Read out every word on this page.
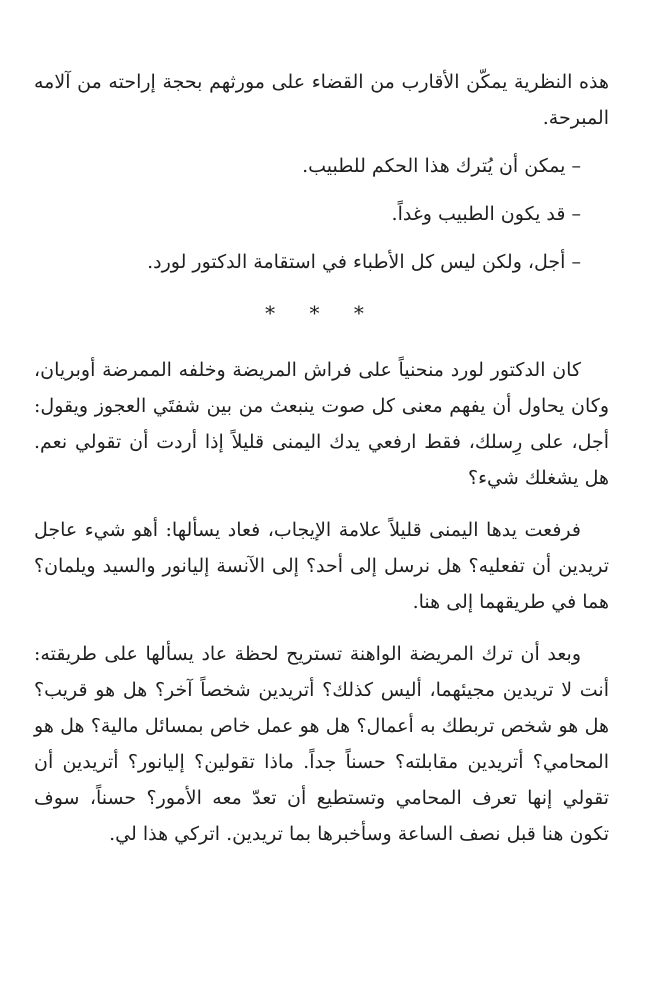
هذه النظرية يمكّن الأقارب من القضاء على مورثهم بحجة إراحته من آلامه المبرحة.

– يمكن أن يُترك هذا الحكم للطبيب.

– قد يكون الطبيب وغداً.

– أجل، ولكن ليس كل الأطباء في استقامة الدكتور لورد.

* * *

كان الدكتور لورد منحنياً على فراش المريضة وخلفه الممرضة أوبريان، وكان يحاول أن يفهم معنى كل صوت ينبعث من بين شفتَي العجوز ويقول: أجل، على رِسلك، فقط ارفعي يدك اليمنى قليلاً إذا أردت أن تقولي نعم. هل يشغلك شيء؟

فرفعت يدها اليمنى قليلاً علامة الإيجاب، فعاد يسألها: أهو شيء عاجل تريدين أن تفعليه؟ هل نرسل إلى أحد؟ إلى الآنسة إليانور والسيد ويلمان؟ هما في طريقهما إلى هنا.

وبعد أن ترك المريضة الواهنة تستريح لحظة عاد يسألها على طريقته: أنت لا تريدين مجيئهما، أليس كذلك؟ أتريدين شخصاً آخر؟ هل هو قريب؟ هل هو شخص تربطك به أعمال؟ هل هو عمل خاص بمسائل مالية؟ هل هو المحامي؟ أتريدين مقابلته؟ حسناً جداً. ماذا تقولين؟ إليانور؟ أتريدين أن تقولي إنها تعرف المحامي وتستطيع أن تعدّ معه الأمور؟ حسناً، سوف تكون هنا قبل نصف الساعة وسأخبرها بما تريدين. اتركي هذا لي.
